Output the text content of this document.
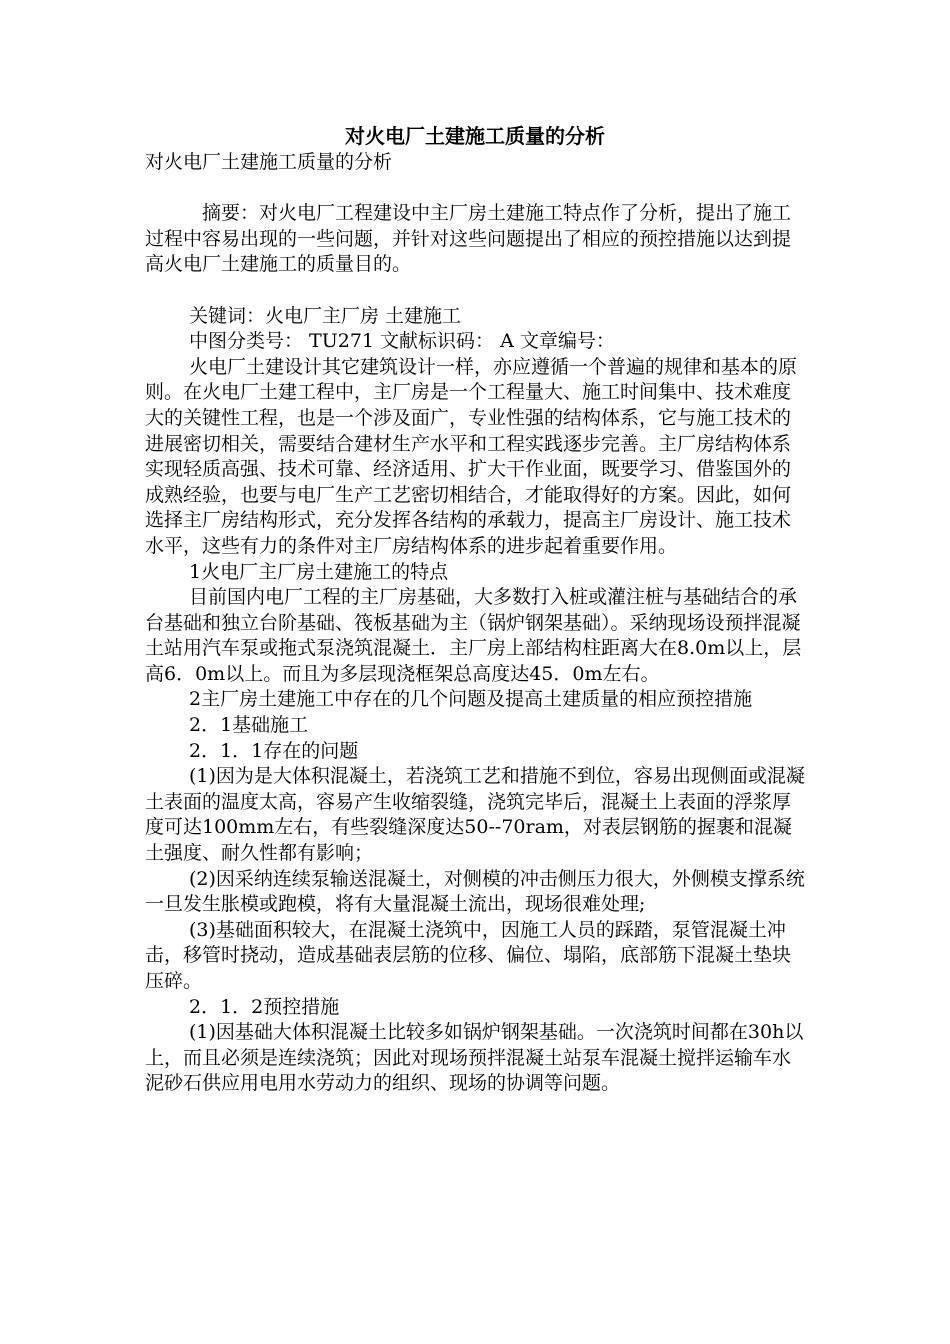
对火电厂土建施工质量的分析

对火电厂土建施工质量的分析

摘要：对火电厂工程建设中主厂房土建施工特点作了分析，提出了施工过程中容易出现的一些问题，并针对这些问题提出了相应的预控措施以达到提高火电厂土建施工的质量目的。

关键词：火电厂主厂房 土建施工

中图分类号： TU271 文献标识码： A 文章编号：

火电厂土建设计其它建筑设计一样，亦应遵循一个普遍的规律和基本的原则。在火电厂土建工程中，主厂房是一个工程量大、施工时间集中、技术难度大的关键性工程，也是一个涉及面广，专业性强的结构体系，它与施工技术的进展密切相关，需要结合建材生产水平和工程实践逐步完善。主厂房结构体系实现轻质高强、技术可靠、经济适用、扩大干作业面，既要学习、借鉴国外的成熟经验，也要与电厂生产工艺密切相结合，才能取得好的方案。因此，如何选择主厂房结构形式，充分发挥各结构的承载力，提高主厂房设计、施工技术水平，这些有力的条件对主厂房结构体系的进步起着重要作用。

1火电厂主厂房土建施工的特点

目前国内电厂工程的主厂房基础，大多数打入桩或灌注桩与基础结合的承台基础和独立台阶基础、筏板基础为主（锅炉钢架基础）。采纳现场设预拌混凝土站用汽车泵或拖式泵浇筑混凝土．主厂房上部结构柱距离大在8.0m以上，层高6．0m以上。而且为多层现浇框架总高度达45．0m左右。

2主厂房土建施工中存在的几个问题及提高土建质量的相应预控措施

2．1基础施工

2．1．1存在的问题

(1)因为是大体积混凝土，若浇筑工艺和措施不到位，容易出现侧面或混凝土表面的温度太高，容易产生收缩裂缝，浇筑完毕后，混凝土上表面的浮浆厚度可达100mm左右，有些裂缝深度达50--70ram，对表层钢筋的握裹和混凝土强度、耐久性都有影响；

(2)因采纳连续泵输送混凝土，对侧模的冲击侧压力很大，外侧模支撑系统一旦发生胀模或跑模，将有大量混凝土流出，现场很难处理;

(3)基础面积较大，在混凝土浇筑中，因施工人员的踩踏，泵管混凝土冲击，移管时挠动，造成基础表层筋的位移、偏位、塌陷，底部筋下混凝土垫块压碎。

2．1．2预控措施

(1)因基础大体积混凝土比较多如锅炉钢架基础。一次浇筑时间都在30h以上，而且必须是连续浇筑；因此对现场预拌混凝土站泵车混凝土搅拌运输车水泥砂石供应用电用水劳动力的组织、现场的协调等问题。
